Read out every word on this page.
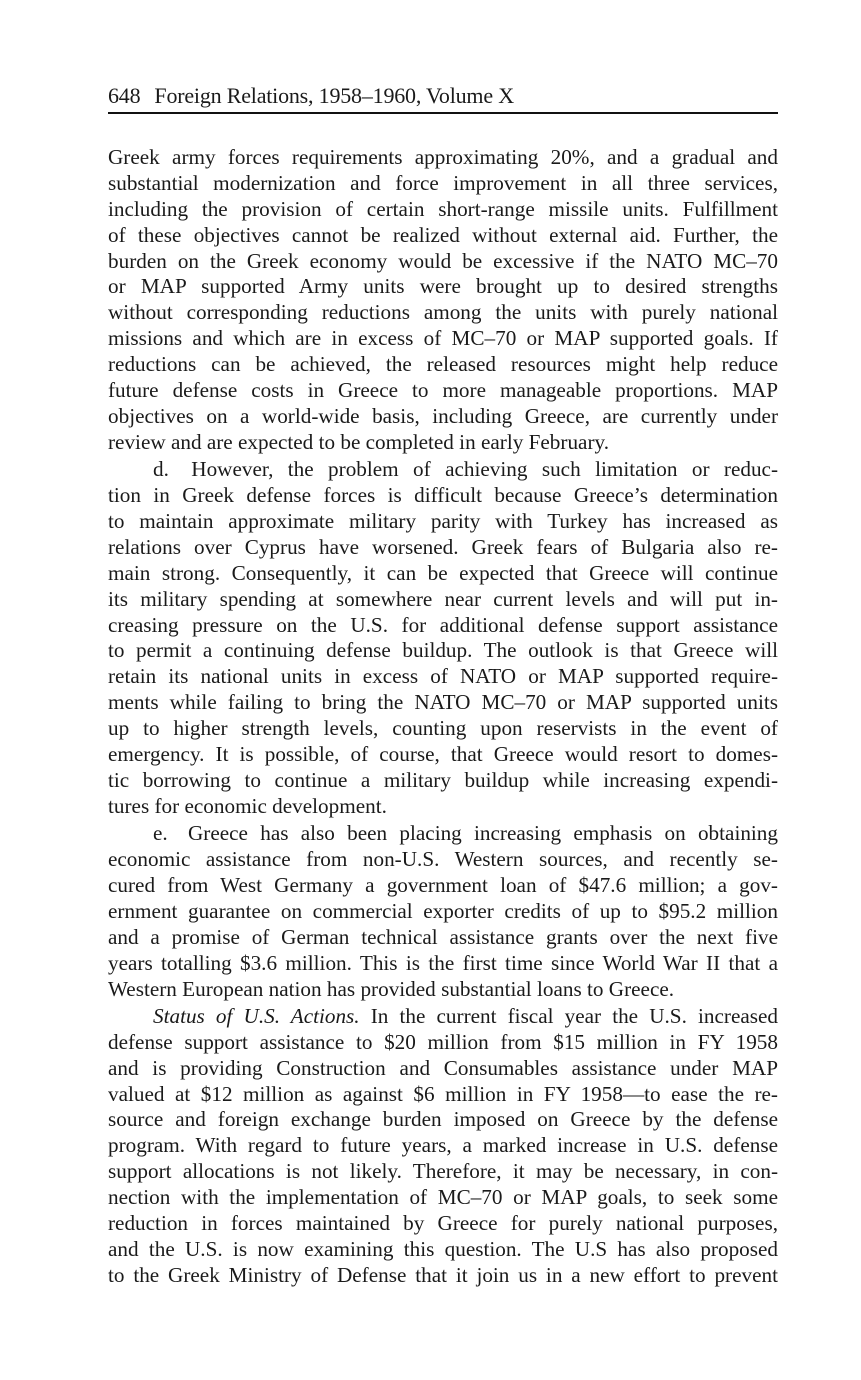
648 Foreign Relations, 1958–1960, Volume X
Greek army forces requirements approximating 20%, and a gradual and
substantial modernization and force improvement in all three services,
including the provision of certain short-range missile units. Fulfillment
of these objectives cannot be realized without external aid. Further, the
burden on the Greek economy would be excessive if the NATO MC–70
or MAP supported Army units were brought up to desired strengths
without corresponding reductions among the units with purely national
missions and which are in excess of MC–70 or MAP supported goals. If
reductions can be achieved, the released resources might help reduce
future defense costs in Greece to more manageable proportions. MAP
objectives on a world-wide basis, including Greece, are currently under
review and are expected to be completed in early February.
d. However, the problem of achieving such limitation or reduc-
tion in Greek defense forces is difficult because Greece’s determination
to maintain approximate military parity with Turkey has increased as
relations over Cyprus have worsened. Greek fears of Bulgaria also re-
main strong. Consequently, it can be expected that Greece will continue
its military spending at somewhere near current levels and will put in-
creasing pressure on the U.S. for additional defense support assistance
to permit a continuing defense buildup. The outlook is that Greece will
retain its national units in excess of NATO or MAP supported require-
ments while failing to bring the NATO MC–70 or MAP supported units
up to higher strength levels, counting upon reservists in the event of
emergency. It is possible, of course, that Greece would resort to domes-
tic borrowing to continue a military buildup while increasing expendi-
tures for economic development.
e. Greece has also been placing increasing emphasis on obtaining
economic assistance from non-U.S. Western sources, and recently se-
cured from West Germany a government loan of $47.6 million; a gov-
ernment guarantee on commercial exporter credits of up to $95.2 million
and a promise of German technical assistance grants over the next five
years totalling $3.6 million. This is the first time since World War II that a
Western European nation has provided substantial loans to Greece.
Status of U.S. Actions. In the current fiscal year the U.S. increased
defense support assistance to $20 million from $15 million in FY 1958
and is providing Construction and Consumables assistance under MAP
valued at $12 million as against $6 million in FY 1958—to ease the re-
source and foreign exchange burden imposed on Greece by the defense
program. With regard to future years, a marked increase in U.S. defense
support allocations is not likely. Therefore, it may be necessary, in con-
nection with the implementation of MC–70 or MAP goals, to seek some
reduction in forces maintained by Greece for purely national purposes,
and the U.S. is now examining this question. The U.S has also proposed
to the Greek Ministry of Defense that it join us in a new effort to prevent
